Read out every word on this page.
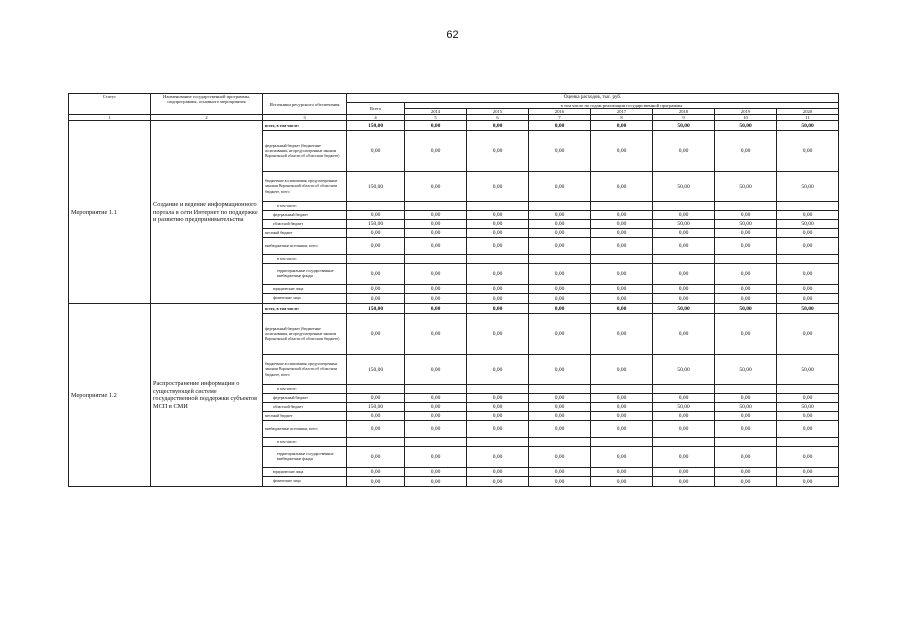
62
Статус	Наименование государственной программы, подпрограммы, основного мероприятия	Источники ресурсного обеспечения	Оценка расходов, тыс. руб.							
			Всего	в том числе по годам реализации государственной программы						
				2014	2015	2016	2017	2018	2019	2020
1	2	3	4	5	6	7	8	9	10	11
Мероприятие 1.1	Создание и ведение информационного портала в сети Интернет по поддержке и развитию предпринимательства	всего, в том числе:	150,00	0,00	0,00	0,00	0,00	50,00	50,00	50,00
		федеральный бюджет (бюджетные ассигнования, не предусмотренные законом Воронежской области об областном бюджете)	0,00	0,00	0,00	0,00	0,00	0,00	0,00	0,00
		бюджетные ассигнования, предусмотренные законом Воронежской области об областном бюджете, всего	150,00	0,00	0,00	0,00	0,00	50,00	50,00	50,00
		в том числе:								
		федеральный бюджет	0,00	0,00	0,00	0,00	0,00	0,00	0,00	0,00
		областной бюджет	150,00	0,00	0,00	0,00	0,00	50,00	50,00	50,00
		местный бюджет	0,00	0,00	0,00	0,00	0,00	0,00	0,00	0,00
		внебюджетные источники, всего	0,00	0,00	0,00	0,00	0,00	0,00	0,00	0,00
		в том числе:								
		территориальные государственные внебюджетные фонды	0,00	0,00	0,00	0,00	0,00	0,00	0,00	0,00
		юридические лица	0,00	0,00	0,00	0,00	0,00	0,00	0,00	0,00
		физические лица	0,00	0,00	0,00	0,00	0,00	0,00	0,00	0,00
Мероприятие 1.2	Распространение информации о существующей системе государственной поддержки субъектов МСП в СМИ	всего, в том числе:	150,00	0,00	0,00	0,00	0,00	50,00	50,00	50,00
		федеральный бюджет (бюджетные ассигнования, не предусмотренные законом Воронежской области об областном бюджете)	0,00	0,00	0,00	0,00	0,00	0,00	0,00	0,00
		бюджетные ассигнования, предусмотренные законом Воронежской области об областном бюджете, всего	150,00	0,00	0,00	0,00	0,00	50,00	50,00	50,00
		в том числе:								
		федеральный бюджет	0,00	0,00	0,00	0,00	0,00	0,00	0,00	0,00
		областной бюджет	150,00	0,00	0,00	0,00	0,00	50,00	50,00	50,00
		местный бюджет	0,00	0,00	0,00	0,00	0,00	0,00	0,00	0,00
		внебюджетные источники, всего	0,00	0,00	0,00	0,00	0,00	0,00	0,00	0,00
		в том числе:								
		территориальные государственные внебюджетные фонды	0,00	0,00	0,00	0,00	0,00	0,00	0,00	0,00
		юридические лица	0,00	0,00	0,00	0,00	0,00	0,00	0,00	0,00
		физические лица	0,00	0,00	0,00	0,00	0,00	0,00	0,00	0,00
